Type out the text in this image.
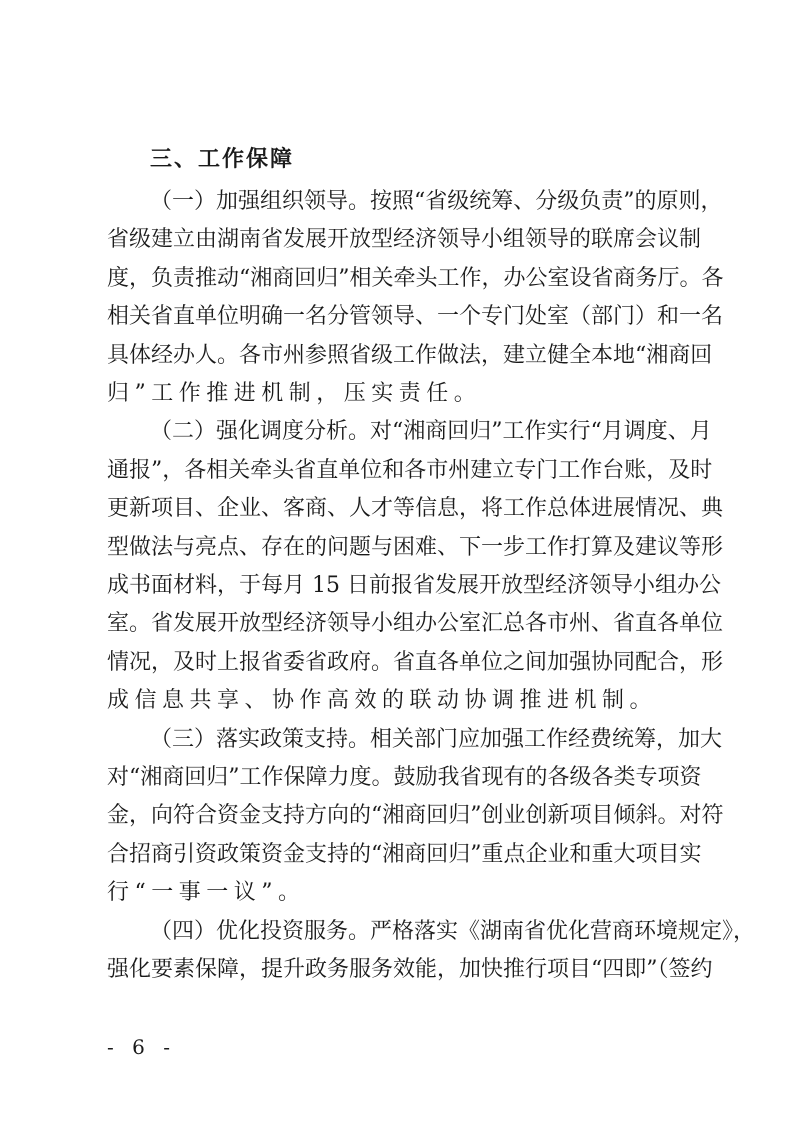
三、工作保障
（一）加强组织领导。按照“省级统筹、分级负责”的原则，
省级建立由湖南省发展开放型经济领导小组领导的联席会议制
度，负责推动“湘商回归”相关牵头工作，办公室设省商务厅。各
相关省直单位明确一名分管领导、一个专门处室（部门）和一名
具体经办人。各市州参照省级工作做法，建立健全本地“湘商回
归”工作推进机制，压实责任。
（二）强化调度分析。对“湘商回归”工作实行“月调度、月
通报”，各相关牵头省直单位和各市州建立专门工作台账，及时
更新项目、企业、客商、人才等信息，将工作总体进展情况、典
型做法与亮点、存在的问题与困难、下一步工作打算及建议等形
成书面材料，于每月 15 日前报省发展开放型经济领导小组办公
室。省发展开放型经济领导小组办公室汇总各市州、省直各单位
情况，及时上报省委省政府。省直各单位之间加强协同配合，形
成信息共享、协作高效的联动协调推进机制。
（三）落实政策支持。相关部门应加强工作经费统筹，加大
对“湘商回归”工作保障力度。鼓励我省现有的各级各类专项资
金，向符合资金支持方向的“湘商回归”创业创新项目倾斜。对符
合招商引资政策资金支持的“湘商回归”重点企业和重大项目实
行“一事一议”。
（四）优化投资服务。严格落实《湖南省优化营商环境规定》，
强化要素保障，提升政务服务效能，加快推行项目“四即”（签约
- 6 -
